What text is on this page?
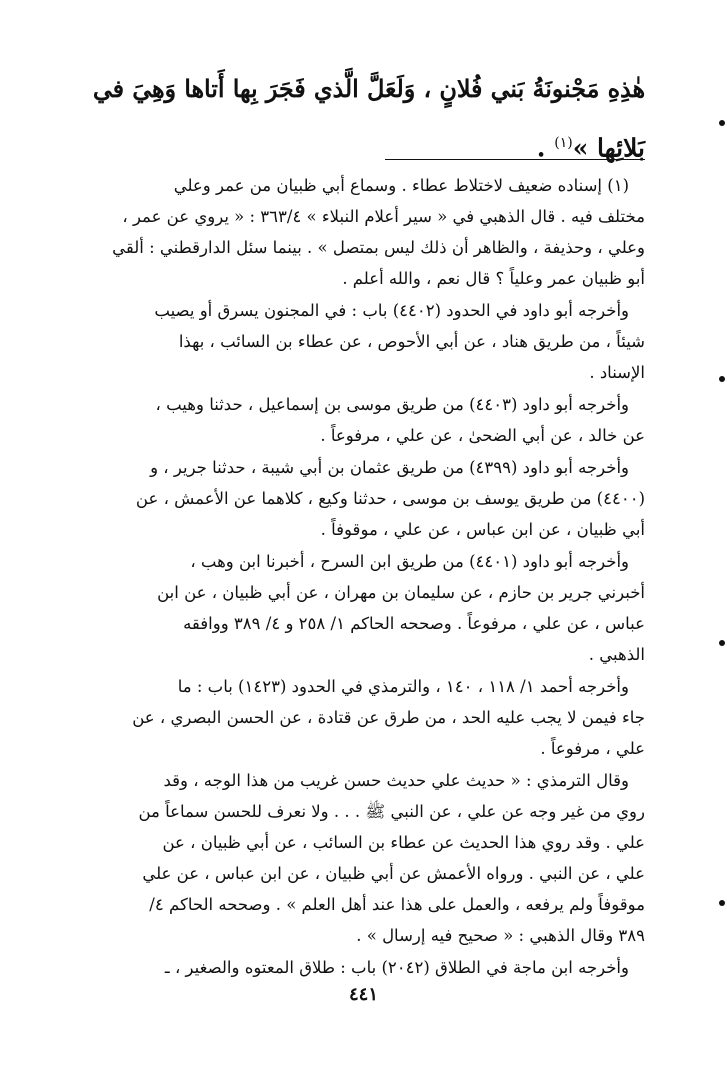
هٰذِهِ مَجْنونَةُ بَني فُلانٍ ، وَلَعَلَّ الَّذي فَجَرَ بِها أَتاها وَهِيَ في
بَلائِها »$^{(١)}$ .
(١) إسناده ضعيف لاختلاط عطاء . وسماع أبي ظبيان من عمر وعلي
مختلف فيه . قال الذهبي في « سير أعلام النبلاء » ٣٦٣/٤ : « يروي عن عمر ،
وعلي ، وحذيفة ، والظاهر أن ذلك ليس بمتصل » . بينما سئل الدارقطني : ألقي
أبو ظبيان عمر وعلياً ؟ قال نعم ، والله أعلم .
وأخرجه أبو داود في الحدود (٤٤٠٢) باب : في المجنون يسرق أو يصيب
شيئاً ، من طريق هناد ، عن أبي الأحوص ، عن عطاء بن السائب ، بهذا
الإسناد .
وأخرجه أبو داود (٤٤٠٣) من طريق موسى بن إسماعيل ، حدثنا وهيب ،
عن خالد ، عن أبي الضحىٰ ، عن علي ، مرفوعاً .
وأخرجه أبو داود (٤٣٩٩) من طريق عثمان بن أبي شيبة ، حدثنا جرير ، و
(٤٤٠٠) من طريق يوسف بن موسى ، حدثنا وكيع ، كلاهما عن الأعمش ، عن
أبي ظبيان ، عن ابن عباس ، عن علي ، موقوفاً .
وأخرجه أبو داود (٤٤٠١) من طريق ابن السرح ، أخبرنا ابن وهب ،
أخبرني جرير بن حازم ، عن سليمان بن مهران ، عن أبي ظبيان ، عن ابن
عباس ، عن علي ، مرفوعاً . وصححه الحاكم ١/ ٢٥٨ و ٤/ ٣٨٩ ووافقه
الذهبي .
وأخرجه أحمد ١/ ١١٨ ، ١٤٠ ، والترمذي في الحدود (١٤٢٣) باب : ما
جاء فيمن لا يجب عليه الحد ، من طرق عن قتادة ، عن الحسن البصري ، عن
علي ، مرفوعاً .
وقال الترمذي : « حديث علي حديث حسن غريب من هذا الوجه ، وقد
روي من غير وجه عن علي ، عن النبي ﷺ . . . ولا نعرف للحسن سماعاً من
علي . وقد روي هذا الحديث عن عطاء بن السائب ، عن أبي ظبيان ، عن
علي ، عن النبي . ورواه الأعمش عن أبي ظبيان ، عن ابن عباس ، عن علي
موقوفاً ولم يرفعه ، والعمل على هذا عند أهل العلم » . وصححه الحاكم ٤/
٣٨٩ وقال الذهبي : « صحيح فيه إرسال » .
وأخرجه ابن ماجة في الطلاق (٢٠٤٢) باب : طلاق المعتوه والصغير ، ـ
٤٤١
